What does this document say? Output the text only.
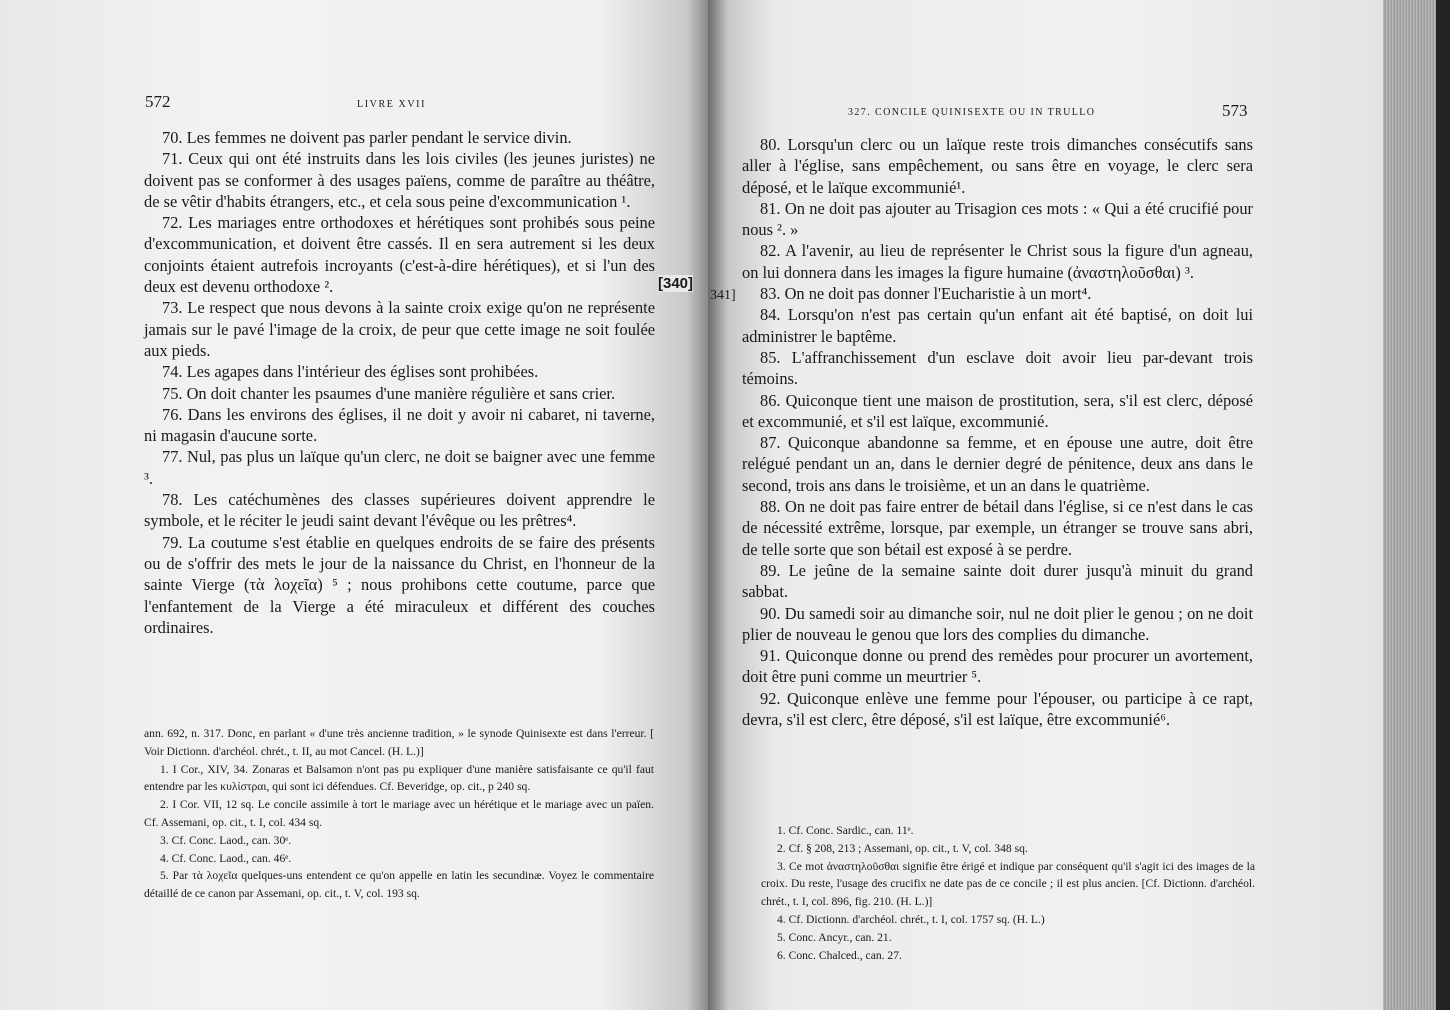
572	LIVRE XVII

70. Les femmes ne doivent pas parler pendant le service divin.

71. Ceux qui ont été instruits dans les lois civiles (les jeunes juristes) ne doivent pas se conformer à des usages païens, comme de paraître au théâtre, de se vêtir d'habits étrangers, etc., et cela sous peine d'excommunication ¹.

72. Les mariages entre orthodoxes et hérétiques sont prohibés sous peine d'excommunication, et doivent être cassés. Il en sera autrement si les deux conjoints étaient autrefois incroyants (c'est-à-dire hérétiques), et si l'un des deux est devenu orthodoxe ².

73. Le respect que nous devons à la sainte croix exige qu'on ne représente jamais sur le pavé l'image de la croix, de peur que cette image ne soit foulée aux pieds.

74. Les agapes dans l'intérieur des églises sont prohibées.

75. On doit chanter les psaumes d'une manière régulière et sans crier.

76. Dans les environs des églises, il ne doit y avoir ni cabaret, ni taverne, ni magasin d'aucune sorte.

77. Nul, pas plus un laïque qu'un clerc, ne doit se baigner avec une femme ³.

78. Les catéchumènes des classes supérieures doivent apprendre le symbole, et le réciter le jeudi saint devant l'évêque ou les prêtres⁴.

79. La coutume s'est établie en quelques endroits de se faire des présents ou de s'offrir des mets le jour de la naissance du Christ, en l'honneur de la sainte Vierge (τὰ λοχεῖα) ⁵ ; nous prohibons cette coutume, parce que l'enfantement de la Vierge a été miraculeux et différent des couches ordinaires.

ann. 692, n. 317. Donc, en parlant « d'une très ancienne tradition, » le synode Quinisexte est dans l'erreur. [ Voir Dictionn. d'archéol. chrét., t. II, au mot Cancel. (H. L.)]

1. I Cor., XIV, 34. Zonaras et Balsamon n'ont pas pu expliquer d'une manière satisfaisante ce qu'il faut entendre par les κυλίστραι, qui sont ici défendues. Cf. Beveridge, op. cit., p 240 sq.

2. I Cor. VII, 12 sq. Le concile assimile à tort le mariage avec un hérétique et le mariage avec un païen. Cf. Assemani, op. cit., t. I, col. 434 sq.

3. Cf. Conc. Laod., can. 30ᵉ.

4. Cf. Conc. Laod., can. 46ᵉ.

5. Par τὰ λοχεῖα quelques-uns entendent ce qu'on appelle en latin les secundinæ. Voyez le commentaire détaillé de ce canon par Assemani, op. cit., t. V, col. 193 sq.

[340]
327. CONCILE QUINISEXTE OU IN TRULLO	573
341]

80. Lorsqu'un clerc ou un laïque reste trois dimanches consécutifs sans aller à l'église, sans empêchement, ou sans être en voyage, le clerc sera déposé, et le laïque excommunié¹.

81. On ne doit pas ajouter au Trisagion ces mots : « Qui a été crucifié pour nous ². »

82. A l'avenir, au lieu de représenter le Christ sous la figure d'un agneau, on lui donnera dans les images la figure humaine (ἀναστηλοῦσθαι) ³.

83. On ne doit pas donner l'Eucharistie à un mort⁴.

84. Lorsqu'on n'est pas certain qu'un enfant ait été baptisé, on doit lui administrer le baptême.

85. L'affranchissement d'un esclave doit avoir lieu par-devant trois témoins.

86. Quiconque tient une maison de prostitution, sera, s'il est clerc, déposé et excommunié, et s'il est laïque, excommunié.

87. Quiconque abandonne sa femme, et en épouse une autre, doit être relégué pendant un an, dans le dernier degré de pénitence, deux ans dans le second, trois ans dans le troisième, et un an dans le quatrième.

88. On ne doit pas faire entrer de bétail dans l'église, si ce n'est dans le cas de nécessité extrême, lorsque, par exemple, un étranger se trouve sans abri, de telle sorte que son bétail est exposé à se perdre.

89. Le jeûne de la semaine sainte doit durer jusqu'à minuit du grand sabbat.

90. Du samedi soir au dimanche soir, nul ne doit plier le genou ; on ne doit plier de nouveau le genou que lors des complies du dimanche.

91. Quiconque donne ou prend des remèdes pour procurer un avortement, doit être puni comme un meurtrier ⁵.

92. Quiconque enlève une femme pour l'épouser, ou participe à ce rapt, devra, s'il est clerc, être déposé, s'il est laïque, être excommunié⁶.

1. Cf. Conc. Sardic., can. 11ᵉ.

2. Cf. § 208, 213 ; Assemani, op. cit., t. V, col. 348 sq.

3. Ce mot ἀναστηλοῦσθαι signifie être érigé et indique par conséquent qu'il s'agit ici des images de la croix. Du reste, l'usage des crucifix ne date pas de ce concile ; il est plus ancien. [Cf. Dictionn. d'archéol. chrét., t. I, col. 896, fig. 210. (H. L.)]

4. Cf. Dictionn. d'archéol. chrét., t. I, col. 1757 sq. (H. L.)

5. Conc. Ancyr., can. 21.

6. Conc. Chalced., can. 27.
